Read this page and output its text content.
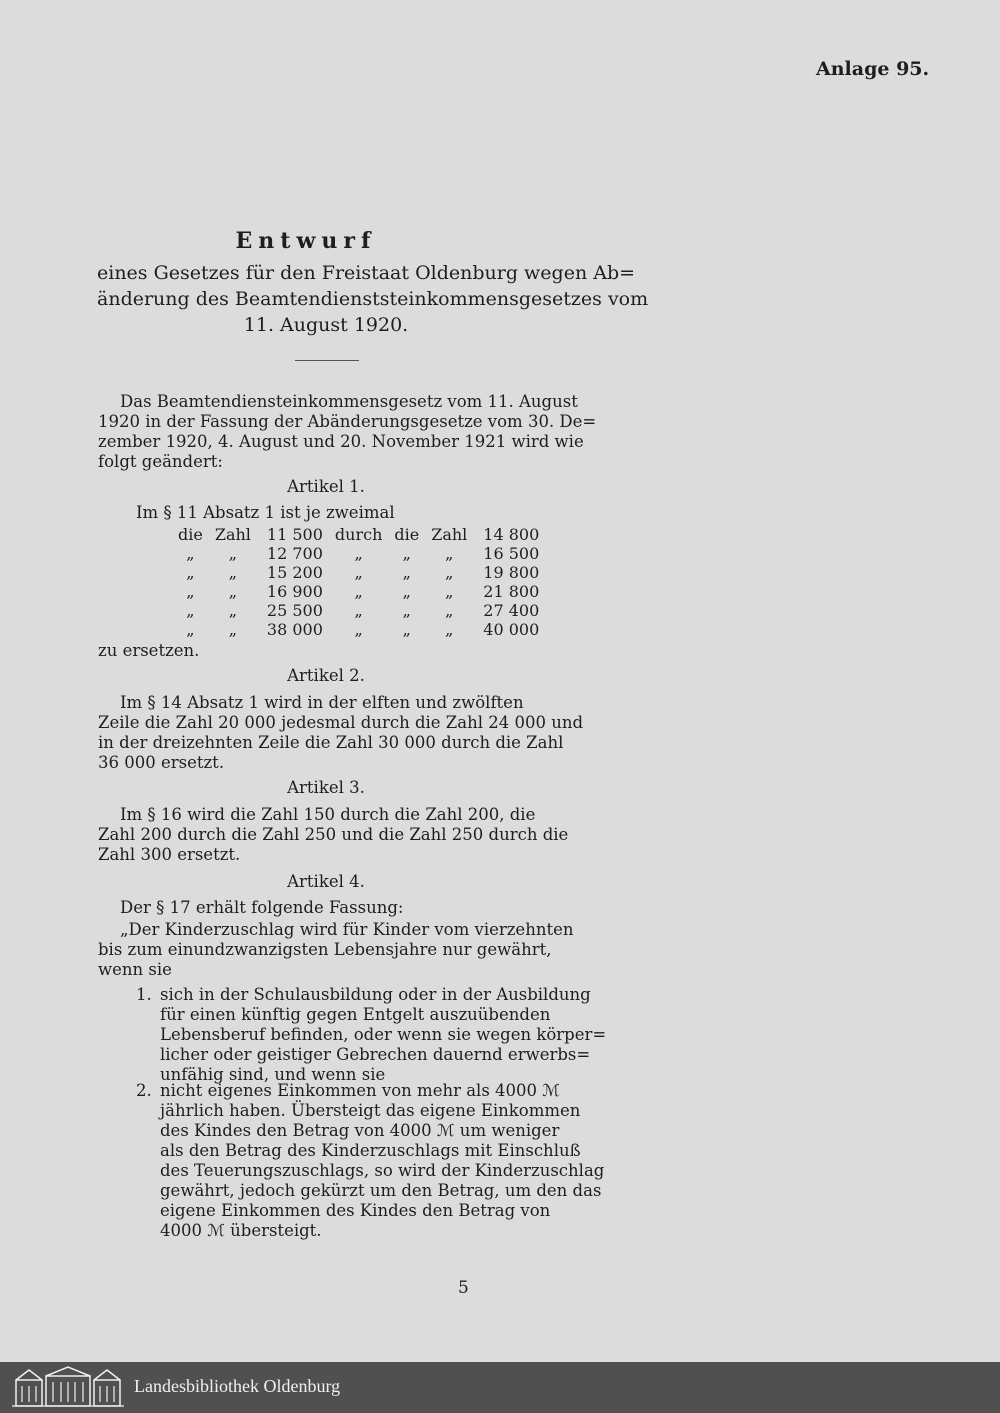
Anlage 95.
Entwurf
eines Gesetzes für den Freistaat Oldenburg wegen Ab=
änderung des Beamtendienststeinkommensgesetzes vom
11. August 1920.
Das Beamtendiensteinkommensgesetz vom 11. August
1920 in der Fassung der Abänderungsgesetze vom 30. De=
zember 1920, 4. August und 20. November 1921 wird wie
folgt geändert:
Artikel 1.
Im § 11 Absatz 1 ist je zweimal
die	Zahl	11 500	durch	die	Zahl	14 800
„	„	12 700	„	„	„	16 500
„	„	15 200	„	„	„	19 800
„	„	16 900	„	„	„	21 800
„	„	25 500	„	„	„	27 400
„	„	38 000	„	„	„	40 000
zu ersetzen.
Artikel 2.
Im § 14 Absatz 1 wird in der elften und zwölften
Zeile die Zahl 20 000 jedesmal durch die Zahl 24 000 und
in der dreizehnten Zeile die Zahl 30 000 durch die Zahl
36 000 ersetzt.
Artikel 3.
Im § 16 wird die Zahl 150 durch die Zahl 200, die
Zahl 200 durch die Zahl 250 und die Zahl 250 durch die
Zahl 300 ersetzt.
Artikel 4.
Der § 17 erhält folgende Fassung:
„Der Kinderzuschlag wird für Kinder vom vierzehnten
bis zum einundzwanzigsten Lebensjahre nur gewährt,
wenn sie
1. sich in der Schulausbildung oder in der Ausbildung
für einen künftig gegen Entgelt auszuübenden
Lebensberuf befinden, oder wenn sie wegen körper=
licher oder geistiger Gebrechen dauernd erwerbs=
unfähig sind, und wenn sie
2. nicht eigenes Einkommen von mehr als 4000 ℳ
jährlich haben. Übersteigt das eigene Einkommen
des Kindes den Betrag von 4000 ℳ um weniger
als den Betrag des Kinderzuschlags mit Einschluß
des Teuerungszuschlags, so wird der Kinderzuschlag
gewährt, jedoch gekürzt um den Betrag, um den das
eigene Einkommen des Kindes den Betrag von
4000 ℳ übersteigt.
5
Landesbibliothek Oldenburg
